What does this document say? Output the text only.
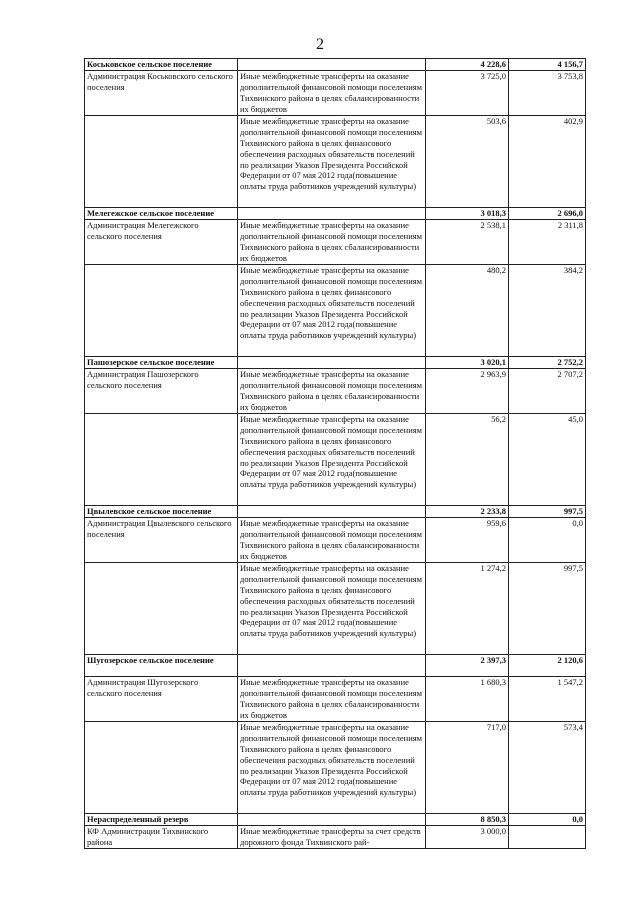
2
Коськовское сельское поселение		4 228,6	4 156,7
Администрация Коськовского сельского поселения	Иные межбюджетные трансферты на оказание дополнительной финансовой помощи поселениям Тихвинского района в целях сбалансированности их бюджетов	3 725,0	3 753,8
	Иные межбюджетные трансферты на оказание дополнительной финансовой помощи поселениям Тихвинского района в целях финансового обеспечения расходных обязательств поселений по реализации Указов Президента Российской Федерации от 07 мая 2012 года(повышение оплаты труда работников учреждений культуры)	503,6	402,9
Мелегежское сельское поселение		3 018,3	2 696,0
Администрация Мелегежского сельского поселения	Иные межбюджетные трансферты на оказание дополнительной финансовой помощи поселениям Тихвинского района в целях сбалансированности их бюджетов	2 538,1	2 311,8
	Иные межбюджетные трансферты на оказание дополнительной финансовой помощи поселениям Тихвинского района в целях финансового обеспечения расходных обязательств поселений по реализации Указов Президента Российской Федерации от 07 мая 2012 года(повышение оплаты труда работников учреждений культуры)	480,2	384,2
Пашозерское сельское поселение		3 020,1	2 752,2
Администрация Пашозерского сельского поселения	Иные межбюджетные трансферты на оказание дополнительной финансовой помощи поселениям Тихвинского района в целях сбалансированности их бюджетов	2 963,9	2 707,2
	Иные межбюджетные трансферты на оказание дополнительной финансовой помощи поселениям Тихвинского района в целях финансового обеспечения расходных обязательств поселений по реализации Указов Президента Российской Федерации от 07 мая 2012 года(повышение оплаты труда работников учреждений культуры)	56,2	45,0
Цвылевское сельское поселение		2 233,8	997,5
Администрация Цвылевского сельского поселения	Иные межбюджетные трансферты на оказание дополнительной финансовой помощи поселениям Тихвинского района в целях сбалансированности их бюджетов	959,6	0,0
	Иные межбюджетные трансферты на оказание дополнительной финансовой помощи поселениям Тихвинского района в целях финансового обеспечения расходных обязательств поселений по реализации Указов Президента Российской Федерации от 07 мая 2012 года(повышение оплаты труда работников учреждений культуры)	1 274,2	997,5
Шугозерское сельское поселение		2 397,3	2 120,6
Администрация Шугозерского сельского поселения	Иные межбюджетные трансферты на оказание дополнительной финансовой помощи поселениям Тихвинского района в целях сбалансированности их бюджетов	1 680,3	1 547,2
	Иные межбюджетные трансферты на оказание дополнительной финансовой помощи поселениям Тихвинского района в целях финансового обеспечения расходных обязательств поселений по реализации Указов Президента Российской Федерации от 07 мая 2012 года(повышение оплаты труда работников учреждений культуры)	717,0	573,4
Нераспределенный резерв		8 850,3	0,0
КФ Администрации Тихвинского района	Иные межбюджетные трансферты за счет средств дорожного фонда Тихвинского рай-	3 000,0	
